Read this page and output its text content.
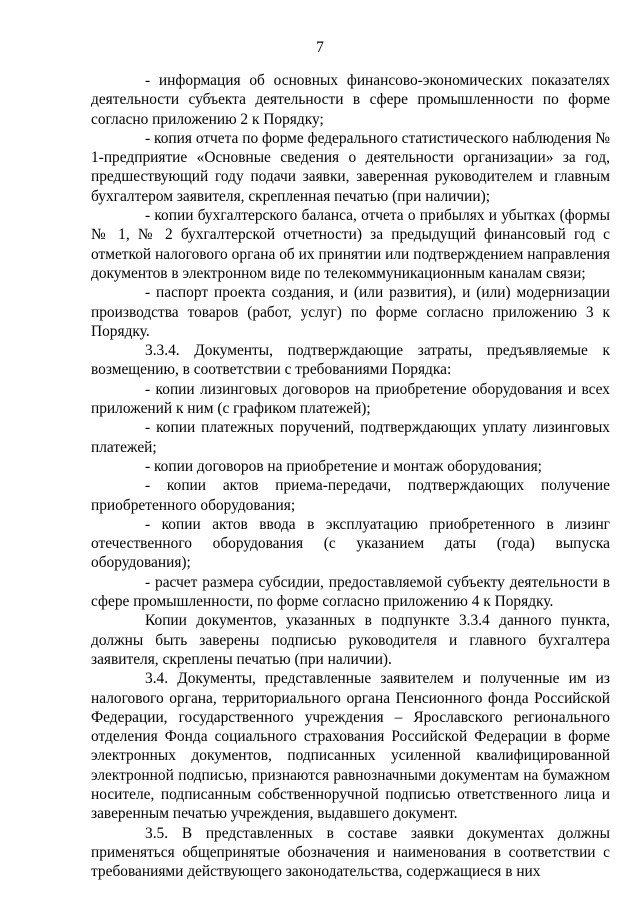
7

- информация об основных финансово-экономических показателях деятельности субъекта деятельности в сфере промышленности по форме согласно приложению 2 к Порядку;

- копия отчета по форме федерального статистического наблюдения № 1-предприятие «Основные сведения о деятельности организации» за год, предшествующий году подачи заявки, заверенная руководителем и главным бухгалтером заявителя, скрепленная печатью (при наличии);

- копии бухгалтерского баланса, отчета о прибылях и убытках (формы № 1, № 2 бухгалтерской отчетности) за предыдущий финансовый год с отметкой налогового органа об их принятии или подтверждением направления документов в электронном виде по телекоммуникационным каналам связи;

- паспорт проекта создания, и (или развития), и (или) модернизации производства товаров (работ, услуг) по форме согласно приложению 3 к Порядку.

3.3.4. Документы, подтверждающие затраты, предъявляемые к возмещению, в соответствии с требованиями Порядка:

- копии лизинговых договоров на приобретение оборудования и всех приложений к ним (с графиком платежей);

- копии платежных поручений, подтверждающих уплату лизинговых платежей;

- копии договоров на приобретение и монтаж оборудования;

- копии актов приема-передачи, подтверждающих получение приобретенного оборудования;

- копии актов ввода в эксплуатацию приобретенного в лизинг отечественного оборудования (с указанием даты (года) выпуска оборудования);

- расчет размера субсидии, предоставляемой субъекту деятельности в сфере промышленности, по форме согласно приложению 4 к Порядку.

Копии документов, указанных в подпункте 3.3.4 данного пункта, должны быть заверены подписью руководителя и главного бухгалтера заявителя, скреплены печатью (при наличии).

3.4. Документы, представленные заявителем и полученные им из налогового органа, территориального органа Пенсионного фонда Российской Федерации, государственного учреждения – Ярославского регионального отделения Фонда социального страхования Российской Федерации в форме электронных документов, подписанных усиленной квалифицированной электронной подписью, признаются равнозначными документам на бумажном носителе, подписанным собственноручной подписью ответственного лица и заверенным печатью учреждения, выдавшего документ.

3.5. В представленных в составе заявки документах должны применяться общепринятые обозначения и наименования в соответствии с требованиями действующего законодательства, содержащиеся в них
